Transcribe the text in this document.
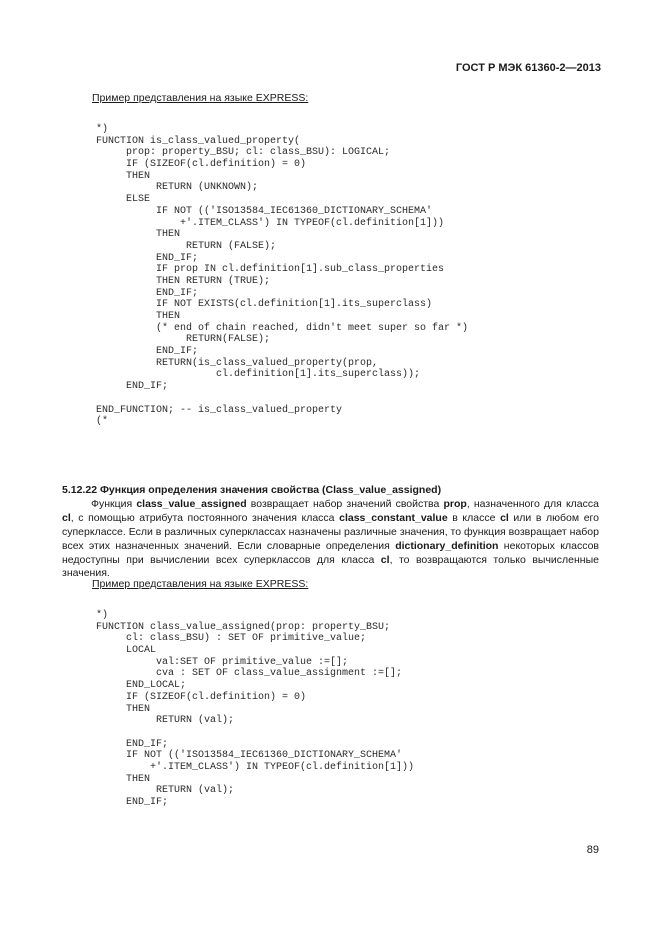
ГОСТ Р МЭК 61360-2—2013
Пример представления на языке EXPRESS:
*)
FUNCTION is_class_valued_property(
prop: property_BSU; cl: class_BSU): LOGICAL;
IF (SIZEOF(cl.definition) = 0)
THEN
RETURN (UNKNOWN);
ELSE
IF NOT (('ISO13584_IEC61360_DICTIONARY_SCHEMA'
+'.ITEM_CLASS') IN TYPEOF(cl.definition[1]))
THEN
RETURN (FALSE);
END_IF;
IF prop IN cl.definition[1].sub_class_properties
THEN RETURN (TRUE);
END_IF;
IF NOT EXISTS(cl.definition[1].its_superclass)
THEN
(* end of chain reached, didn't meet super so far *)
RETURN(FALSE);
END_IF;
RETURN(is_class_valued_property(prop,
cl.definition[1].its_superclass));
END_IF;
END_FUNCTION; -- is_class_valued_property
(*
5.12.22 Функция определения значения свойства (Class_value_assigned)

Функция class_value_assigned возвращает набор значений свойства prop, назначенного для класса cl, с помощью атрибута постоянного значения класса class_constant_value в классе cl или в любом его суперклассе. Если в различных суперклассах назначены различные значения, то функция возвращает набор всех этих назначенных значений. Если словарные определения dictionary_definition некоторых классов недоступны при вычислении всех суперклассов для класса cl, то возвращаются только вычисленные значения.

Пример представления на языке EXPRESS:
*)
FUNCTION class_value_assigned(prop: property_BSU;
cl: class_BSU) : SET OF primitive_value;
LOCAL
val:SET OF primitive_value :=[];
cva : SET OF class_value_assignment :=[];
END_LOCAL;
IF (SIZEOF(cl.definition) = 0)
THEN
RETURN (val);
END_IF;
IF NOT (('ISO13584_IEC61360_DICTIONARY_SCHEMA'
+'.ITEM_CLASS') IN TYPEOF(cl.definition[1]))
THEN
RETURN (val);
END_IF;
89
